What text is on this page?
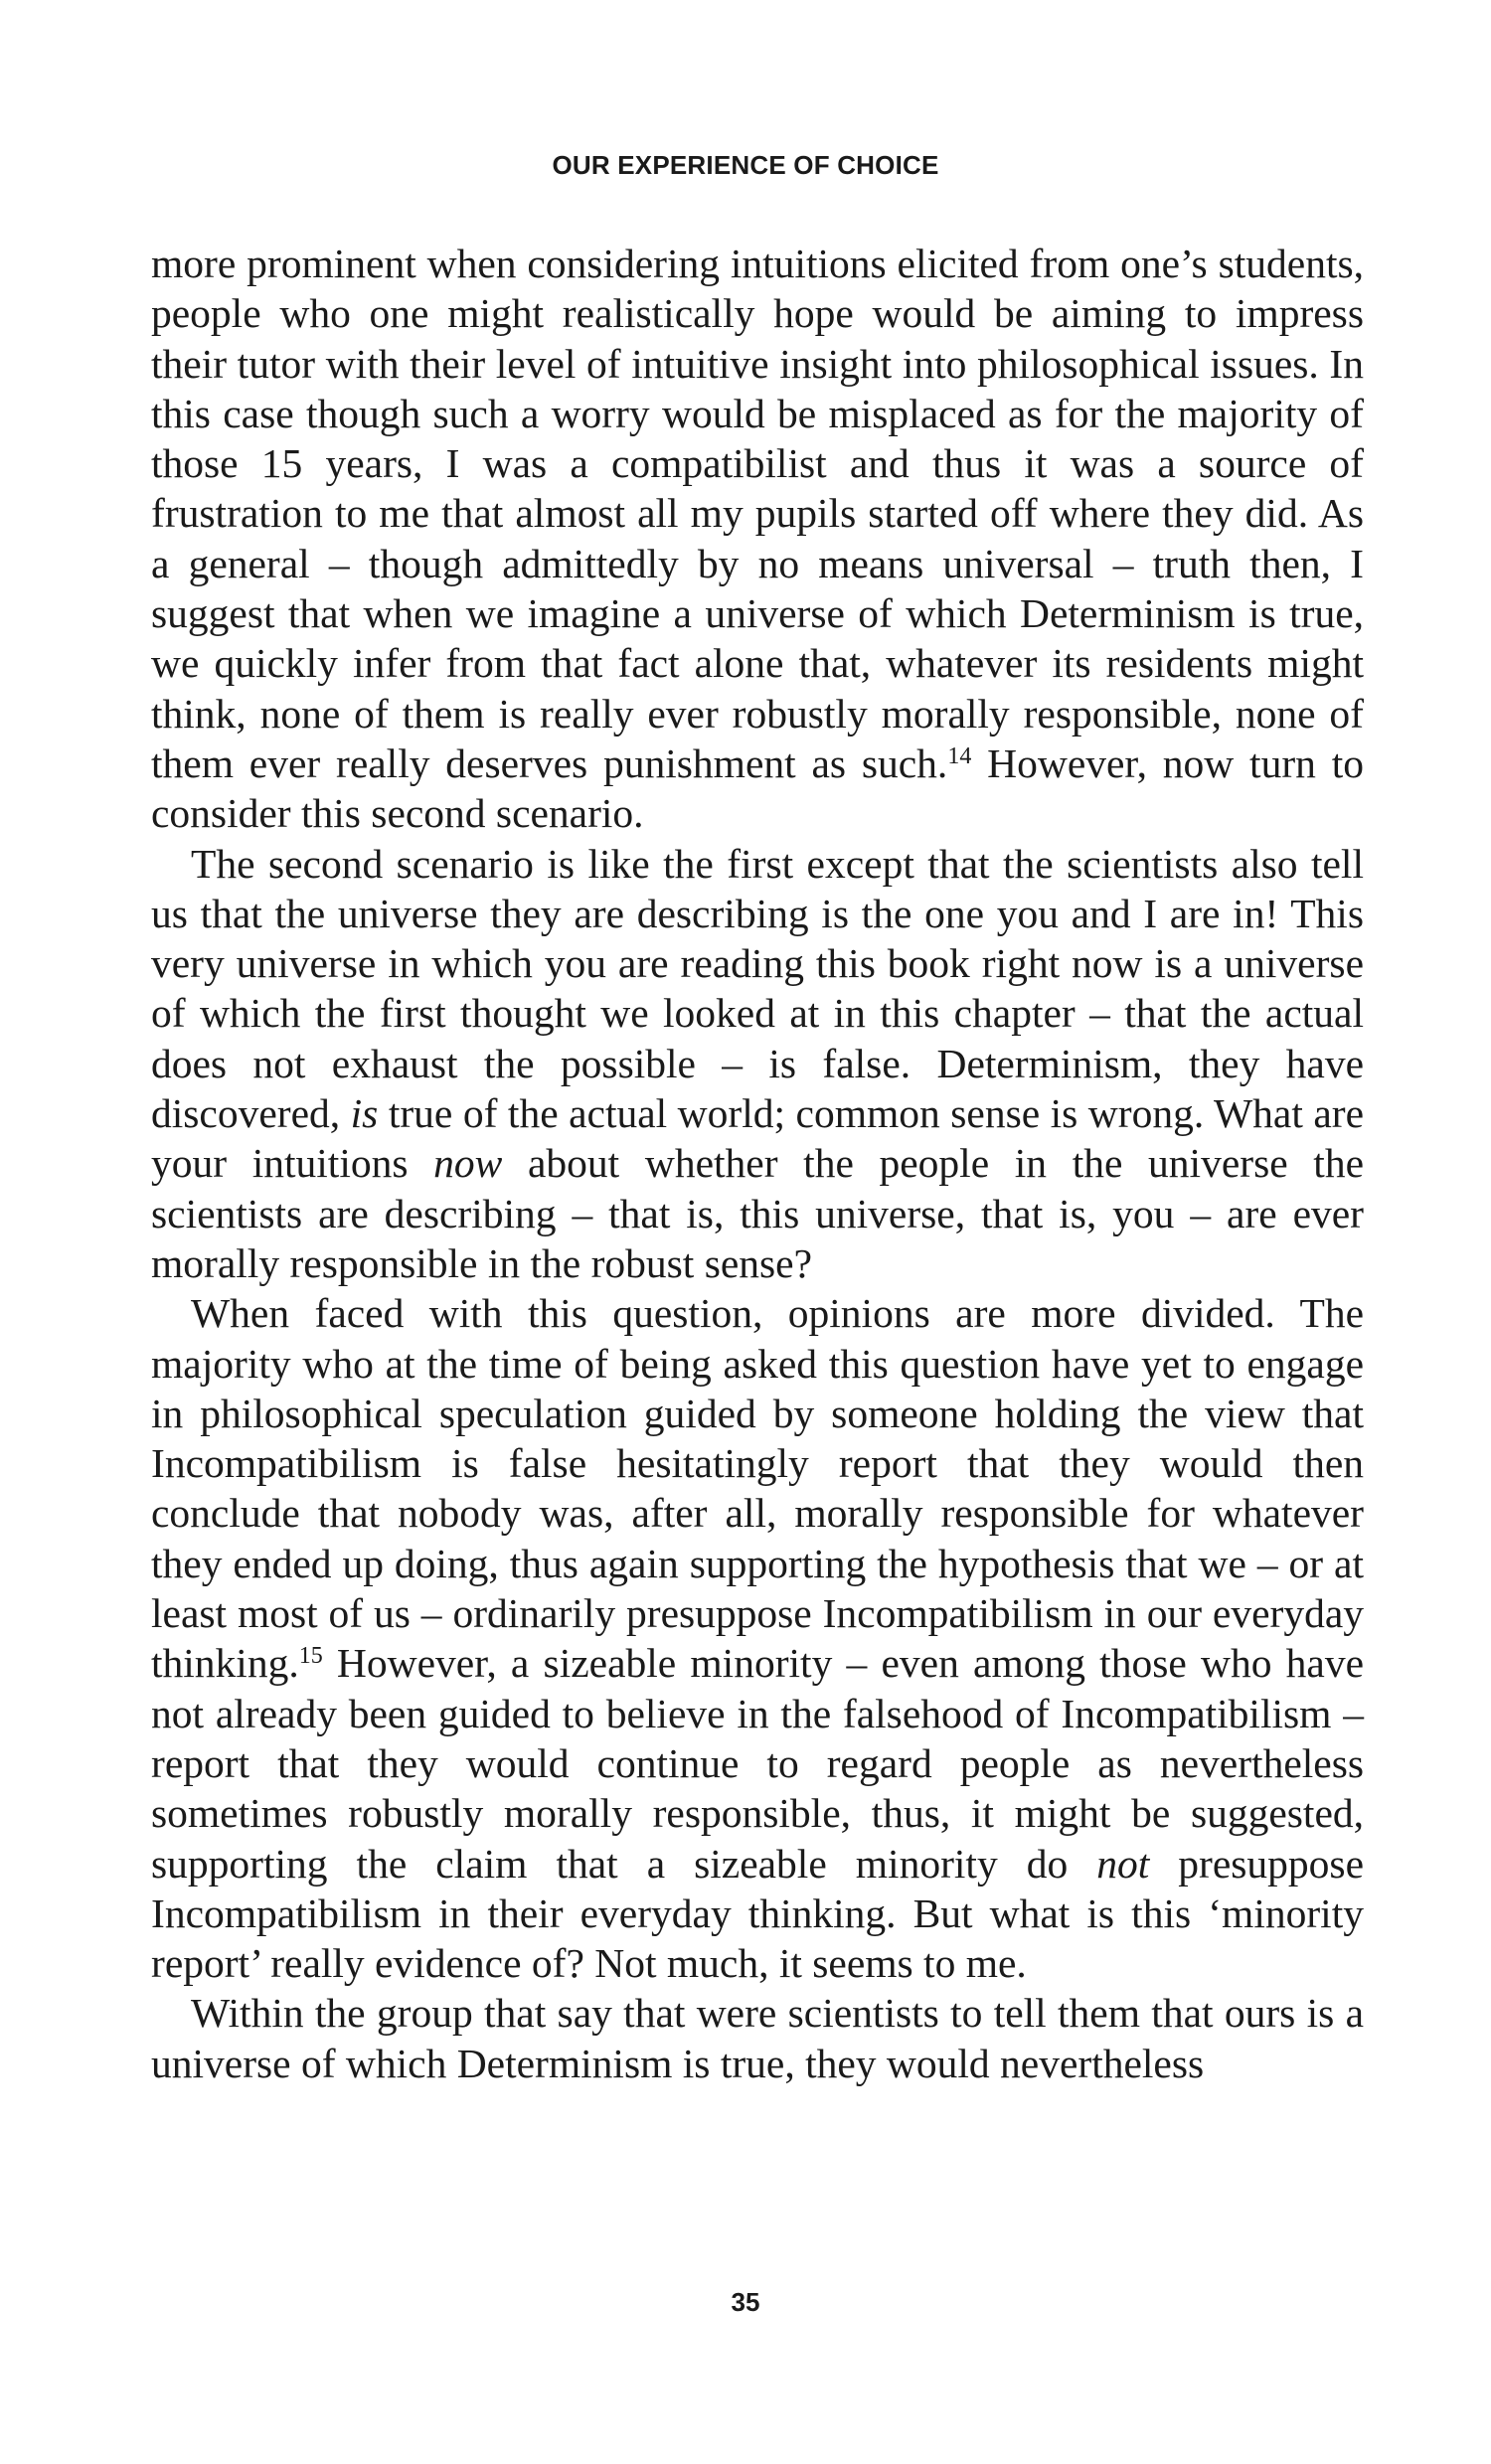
OUR EXPERIENCE OF CHOICE

more prominent when considering intuitions elicited from one’s students, people who one might realistically hope would be aiming to impress their tutor with their level of intuitive insight into philosophical issues. In this case though such a worry would be misplaced as for the majority of those 15 years, I was a compatibilist and thus it was a source of frustration to me that almost all my pupils started off where they did. As a general – though admittedly by no means universal – truth then, I suggest that when we imagine a universe of which Determinism is true, we quickly infer from that fact alone that, whatever its residents might think, none of them is really ever robustly morally responsible, none of them ever really deserves punishment as such.$^{14}$ However, now turn to consider this second scenario.

The second scenario is like the first except that the scientists also tell us that the universe they are describing is the one you and I are in! This very universe in which you are reading this book right now is a universe of which the first thought we looked at in this chapter – that the actual does not exhaust the possible – is false. Determinism, they have discovered, is true of the actual world; common sense is wrong. What are your intuitions now about whether the people in the universe the scientists are describing – that is, this universe, that is, you – are ever morally responsible in the robust sense?

When faced with this question, opinions are more divided. The majority who at the time of being asked this question have yet to engage in philosophical speculation guided by someone holding the view that Incompatibilism is false hesitatingly report that they would then conclude that nobody was, after all, morally responsible for whatever they ended up doing, thus again supporting the hypothesis that we – or at least most of us – ordinarily presuppose Incompatibilism in our everyday thinking.$^{15}$ However, a sizeable minority – even among those who have not already been guided to believe in the falsehood of Incompatibilism – report that they would continue to regard people as nevertheless sometimes robustly morally responsible, thus, it might be suggested, supporting the claim that a sizeable minority do not presuppose Incompatibilism in their everyday thinking. But what is this ‘minority report’ really evidence of? Not much, it seems to me.

Within the group that say that were scientists to tell them that ours is a universe of which Determinism is true, they would nevertheless

35
